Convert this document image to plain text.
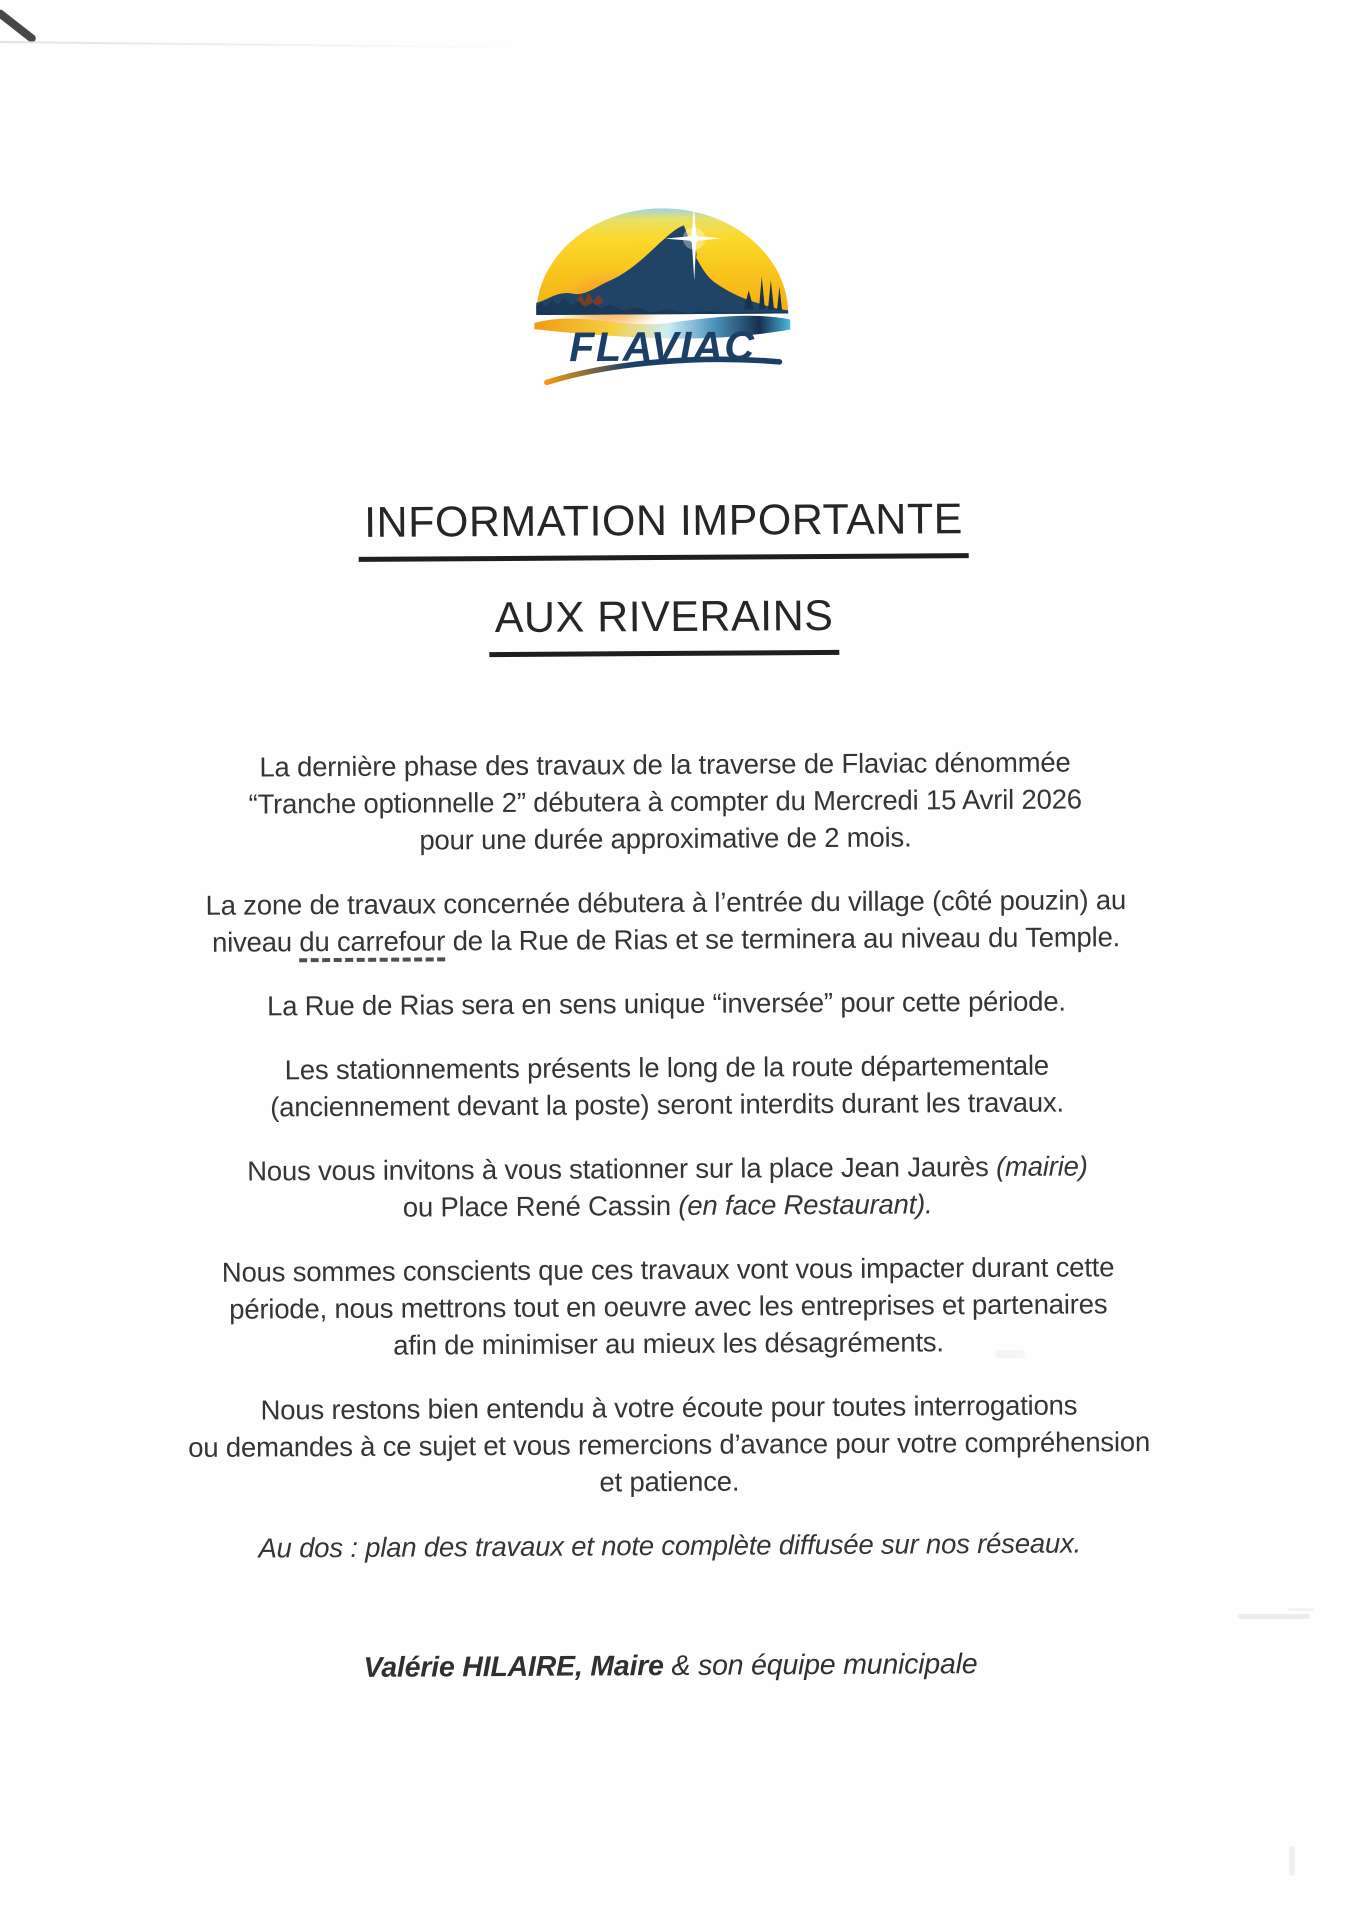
FLAVIAC
INFORMATION IMPORTANTE
AUX RIVERAINS

La dernière phase des travaux de la traverse de Flaviac dénommée
“Tranche optionnelle 2” débutera à compter du Mercredi 15 Avril 2026
pour une durée approximative de 2 mois.

La zone de travaux concernée débutera à l’entrée du village (côté pouzin) au
niveau du carrefour de la Rue de Rias et se terminera au niveau du Temple.

La Rue de Rias sera en sens unique “inversée” pour cette période.

Les stationnements présents le long de la route départementale
(anciennement devant la poste) seront interdits durant les travaux.

Nous vous invitons à vous stationner sur la place Jean Jaurès (mairie)
ou Place René Cassin (en face Restaurant).

Nous sommes conscients que ces travaux vont vous impacter durant cette
période, nous mettrons tout en oeuvre avec les entreprises et partenaires
afin de minimiser au mieux les désagréments.

Nous restons bien entendu à votre écoute pour toutes interrogations
ou demandes à ce sujet et vous remercions d’avance pour votre compréhension
et patience.

Au dos : plan des travaux et note complète diffusée sur nos réseaux.

Valérie HILAIRE, Maire & son équipe municipale
